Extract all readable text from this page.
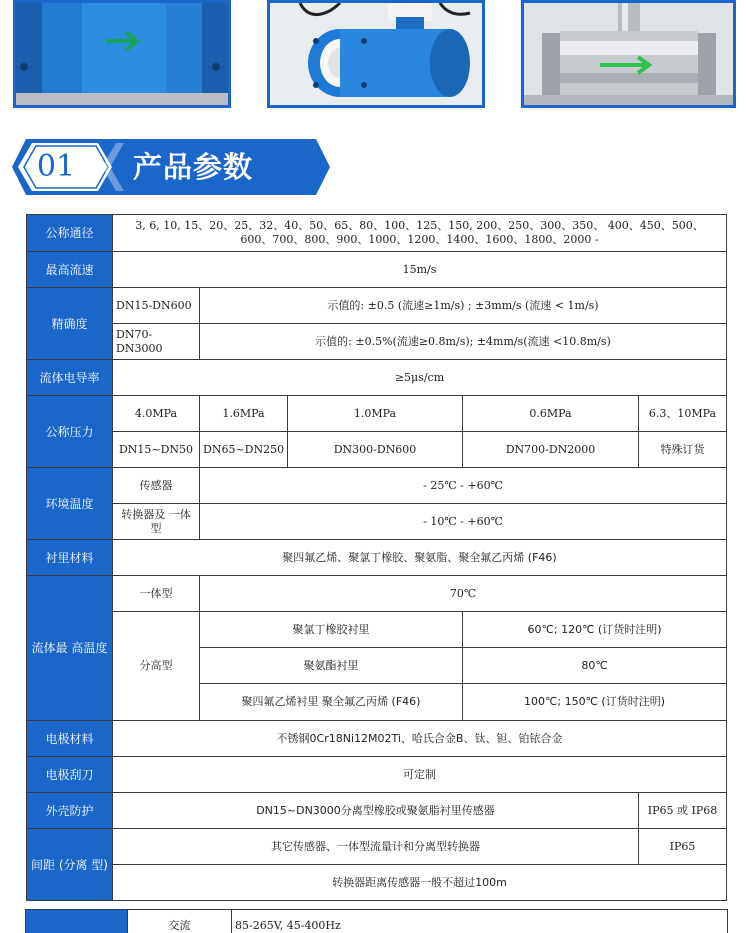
01	产品参数
公称通径	3, 6, 10, 15、20、25、32、40、50、65、80、100、125、150, 200、250、300、350、 400、450、500、
600、700、800、900、1000、1200、1400、1600、1800、2000 -				

最高流速	15m/s				
精确度	DN15-DN600	示值的: ±0.5 (流速≥1m/s) ; ±3mm/s (流速 < 1m/s)			
	DN70-DN3000	示值的: ±0.5%(流速≥0.8m/s); ±4mm/s(流速 <10.8m/s)			
流体电导率	≥5μs/cm				
公称压力	4.0MPa	1.6MPa	1.0MPa	0.6MPa	6.3、10MPa
	DN15~DN50	DN65~DN250	DN300-DN600	DN700-DN2000	特殊订货
环境温度	传感器	- 25℃ - +60℃			
	转换器及 一体型	- 10℃ - +60℃			
衬里材料	聚四氟乙烯、聚氯丁橡胶、聚氨脂、聚全氟乙丙烯 (F46)				
流体最 高温度	一体型	70℃			
	分高型	聚氯丁橡胶衬里		60℃; 120℃ (订货时注明)	
		聚氨酯衬里		80℃	
		聚四氟乙烯衬里 聚全氟乙丙烯 (F46)		100℃; 150℃ (订货时注明)	
电极材料	不锈钢0Cr18Ni12M02Ti、哈氏合金B、钛、钽、铂铱合金				
电极刮刀	可定制				
外壳防护	DN15~DN3000分离型橡胶或聚氨脂衬里传感器				IP65 或 IP68
间距 (分离 型)	其它传感器、一体型流量计和分离型转换器				IP65
	转换器距离传感器一般不超过100m				
	交流	85-265V, 45-400Hz
